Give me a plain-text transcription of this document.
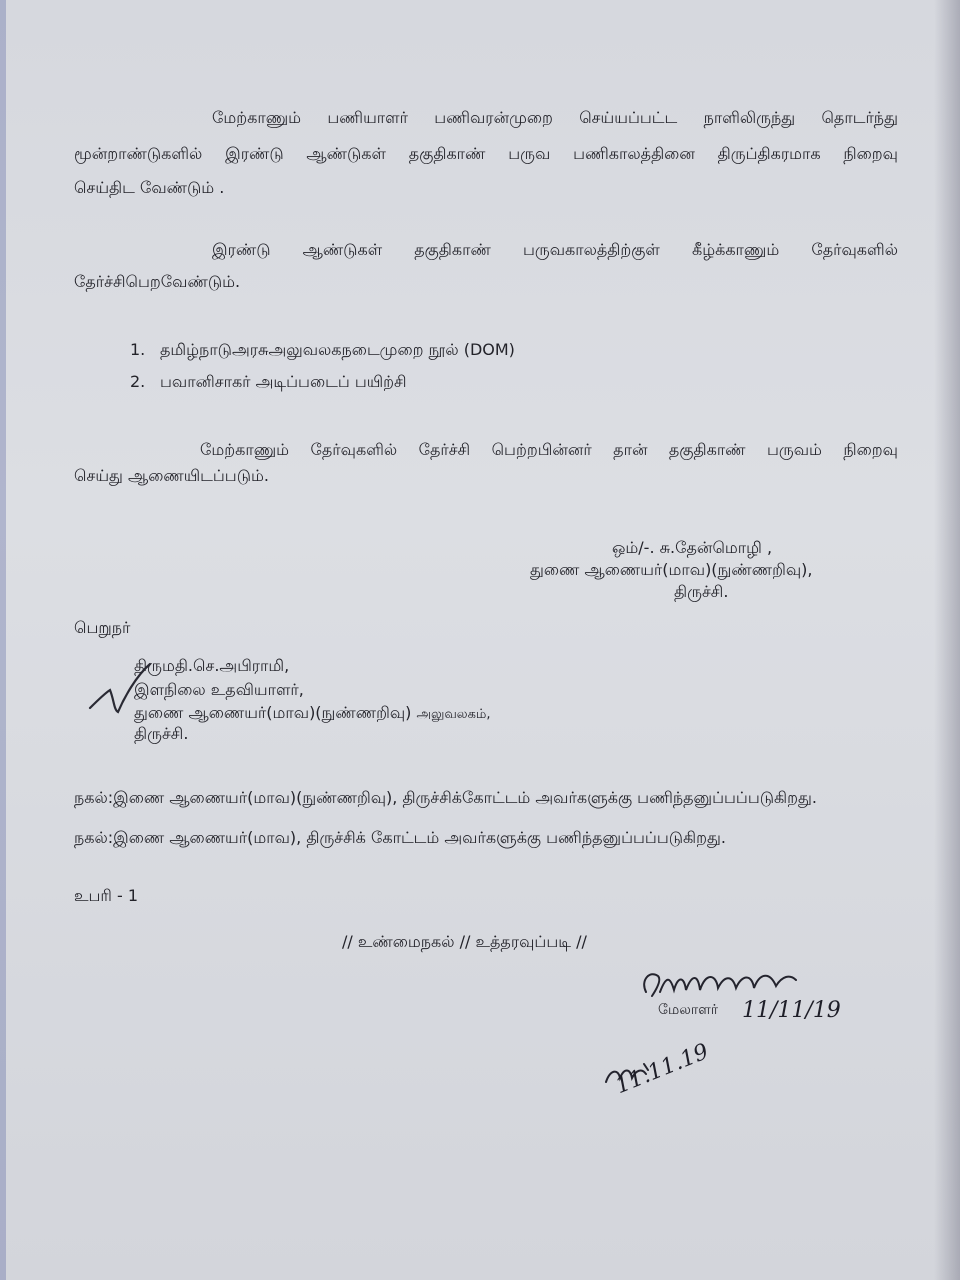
மேற்காணும் பணியாளர் பணிவரன்முறை செய்யப்பட்ட நாளிலிருந்து தொடர்ந்து
மூன்றாண்டுகளில் இரண்டு ஆண்டுகள் தகுதிகாண் பருவ பணிகாலத்தினை திருப்திகரமாக நிறைவு
செய்திட வேண்டும் .
இரண்டு ஆண்டுகள் தகுதிகாண் பருவகாலத்திற்குள் கீழ்க்காணும் தேர்வுகளில்
தேர்ச்சிபெறவேண்டும்.
1. தமிழ்நாடுஅரசுஅலுவலகநடைமுறை நூல் (DOM)
2. பவானிசாகர் அடிப்படைப் பயிற்சி
மேற்காணும் தேர்வுகளில் தேர்ச்சி பெற்றபின்னர் தான் தகுதிகாண் பருவம் நிறைவு
செய்து ஆணையிடப்படும்.
ஒம்/-. சு.தேன்மொழி ,
துணை ஆணையர்(மாவ)(நுண்ணறிவு),
திருச்சி.
பெறுநர்
திருமதி.செ.அபிராமி,
இளநிலை உதவியாளர்,
துணை ஆணையர்(மாவ)(நுண்ணறிவு) அலுவலகம்,
திருச்சி.
நகல்:இணை ஆணையர்(மாவ)(நுண்ணறிவு), திருச்சிக்கோட்டம் அவர்களுக்கு பணிந்தனுப்பப்படுகிறது.
நகல்:இணை ஆணையர்(மாவ), திருச்சிக் கோட்டம் அவர்களுக்கு பணிந்தனுப்பப்படுகிறது.
உபரி - 1
// உண்மைநகல் // உத்தரவுப்படி //
மேலாளர் 11/11/19
11.11.19
